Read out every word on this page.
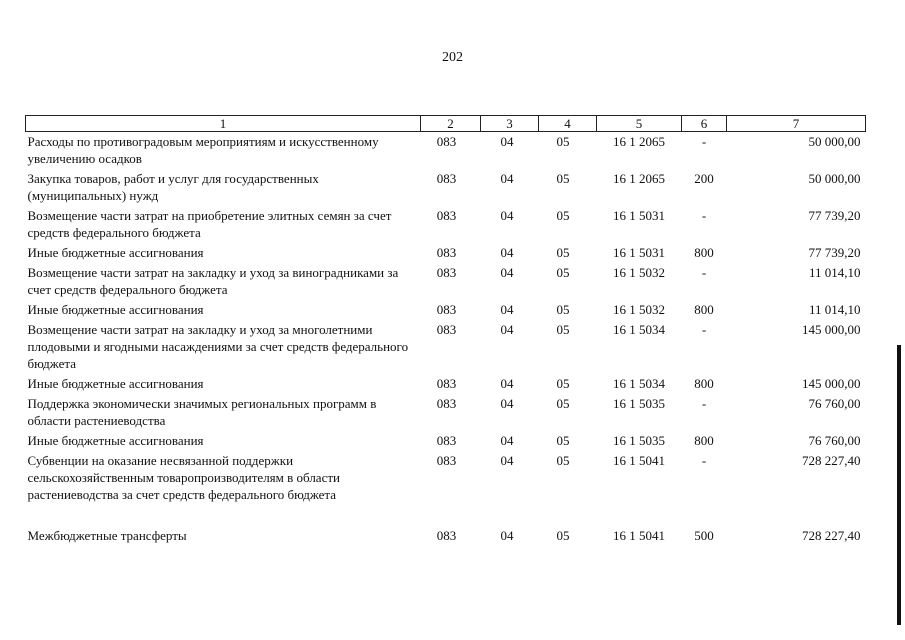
202
1	2	3	4	5	6	7
Расходы по противоградовым мероприятиям и искусственному увеличению осадков	083	04	05	16 1 2065	-	50 000,00
Закупка товаров, работ и услуг для государственных (муниципальных) нужд	083	04	05	16 1 2065	200	50 000,00
Возмещение части затрат на приобретение элитных семян за счет средств федерального бюджета	083	04	05	16 1 5031	-	77 739,20
Иные бюджетные ассигнования	083	04	05	16 1 5031	800	77 739,20
Возмещение части затрат на закладку и уход за виноградниками за счет средств федерального бюджета	083	04	05	16 1 5032	-	11 014,10
Иные бюджетные ассигнования	083	04	05	16 1 5032	800	11 014,10
Возмещение части затрат на закладку и уход за многолетними плодовыми и ягодными насаждениями за счет средств федерального бюджета	083	04	05	16 1 5034	-	145 000,00
Иные бюджетные ассигнования	083	04	05	16 1 5034	800	145 000,00
Поддержка экономически значимых региональных программ в области растениеводства	083	04	05	16 1 5035	-	76 760,00
Иные бюджетные ассигнования	083	04	05	16 1 5035	800	76 760,00
Субвенции на оказание несвязанной поддержки сельскохозяйственным товаропроизводителям в области растениеводства за счет средств федерального бюджета	083	04	05	16 1 5041	-	728 227,40
Межбюджетные трансферты	083	04	05	16 1 5041	500	728 227,40
